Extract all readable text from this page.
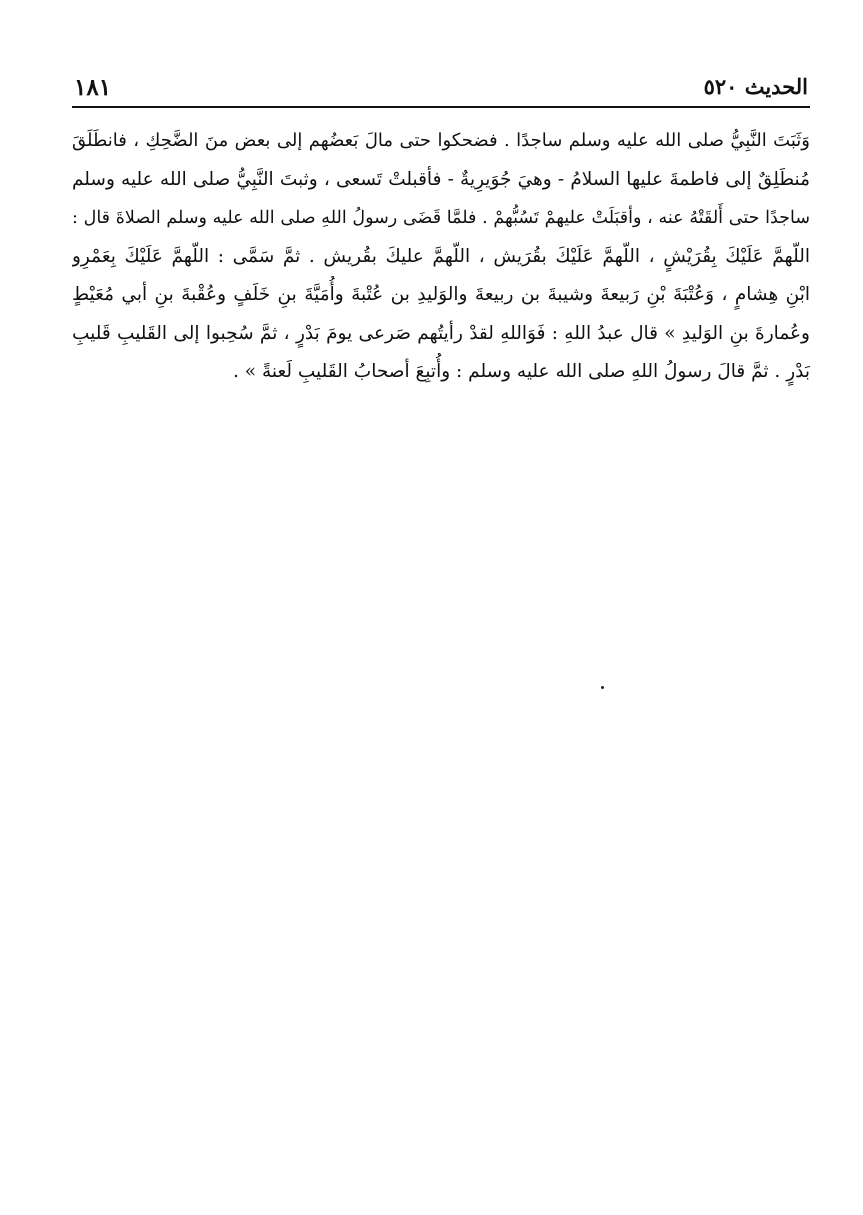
الحديث ٥٢٠
١٨١
وَثَبَتَ النَّبِيُّ صلى الله عليه وسلم ساجدًا . فضحكوا حتى مالَ بَعضُهم إلى بعض منَ الضَّحِكِ ، فانطَلَقَ
مُنطَلِقٌ إلى فاطمةَ عليها السلامُ - وهيَ جُوَيرِيةٌ - فأقبلتْ تَسعى ، وثبتَ النَّبِيُّ صلى الله عليه وسلم
ساجدًا حتى أَلقَتْهُ عنه ، وأقبَلَتْ عليهمْ تَسُبُّهمْ . فلمَّا قَضَى رسولُ اللهِ صلى الله عليه وسلم الصلاةَ قال :
اللّهمَّ عَلَيْكَ بِقُرَيْشٍ ، اللّهمَّ عَلَيْكَ بقُرَيش ، اللّهمَّ عليكَ بقُريش . ثمَّ سَمَّى : اللّهمَّ عَلَيْكَ بِعَمْرِو
ابْنِ هِشامٍ ، وَعُتْبَةَ بْنِ رَبيعةَ وشيبةَ بن ربيعةَ والوَليدِ بن عُتْبةَ وأُمَيَّةَ بنِ خَلَفٍ وعُقْبةَ بنِ أبي مُعَيْطٍ
وعُمارةَ بنِ الوَليدِ » قال عبدُ اللهِ : فَوَاللهِ لقدْ رأيتُهم صَرعى يومَ بَدْرٍ ، ثمَّ سُحِبوا إلى القَليبِ قَليبِ
بَدْرٍ . ثمَّ قالَ رسولُ اللهِ صلى الله عليه وسلم : وأُتبِعَ أصحابُ القَليبِ لَعنةً » .
